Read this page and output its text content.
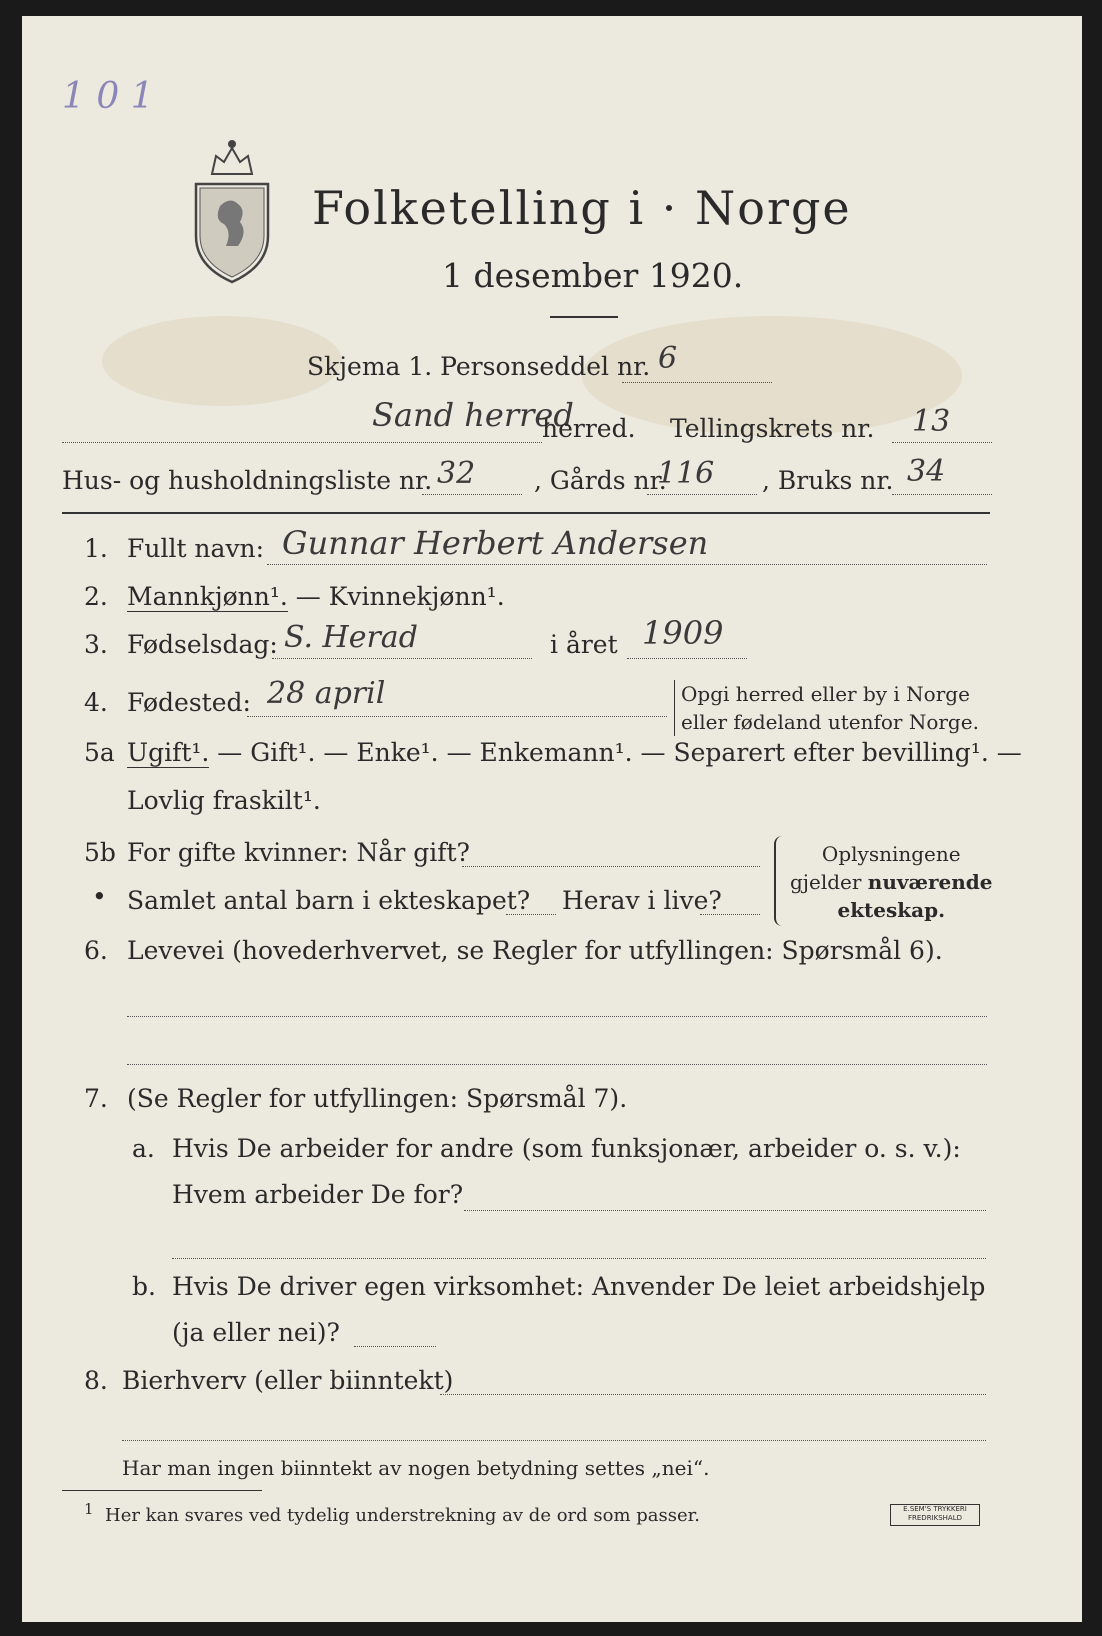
1 0 1
Folketelling i · Norge
1 desember 1920.
Skjema 1. Personseddel nr. 6
Sand herred
herred. Tellingskrets nr. 13
Hus- og husholdningsliste nr. 32 , Gårds nr.
116 , Bruks nr. 34
1. Fullt navn: Gunnar Herbert Andersen
2. Mannkjønn¹. — Kvinnekjønn¹.
3. Fødselsdag: S. Herad	i året 1909
4. Fødested: 28 april	Opgi herred eller by i Norge
eller fødeland utenfor Norge.
5a Ugift¹. — Gift¹. — Enke¹. — Enkemann¹. — Separert efter bevilling¹. —
Lovlig fraskilt¹.
5b For gifte kvinner: Når gift?
• Samlet antal barn i ekteskapet? Herav i live?
Oplysningene
gjelder nuværende
ekteskap.
6. Levevei (hovederhvervet, se Regler for utfyllingen: Spørsmål 6).
7. (Se Regler for utfyllingen: Spørsmål 7).
a. Hvis De arbeider for andre (som funksjonær, arbeider o. s. v.):
Hvem arbeider De for?
b. Hvis De driver egen virksomhet: Anvender De leiet arbeidshjelp
(ja eller nei)?
8. Bierhverv (eller biinntekt)
Har man ingen biinntekt av nogen betydning settes „nei“.
$^1$ Her kan svares ved tydelig understrekning av de ord som passer.	E.SEM'S TRYKKERI
FREDRIKSHALD
